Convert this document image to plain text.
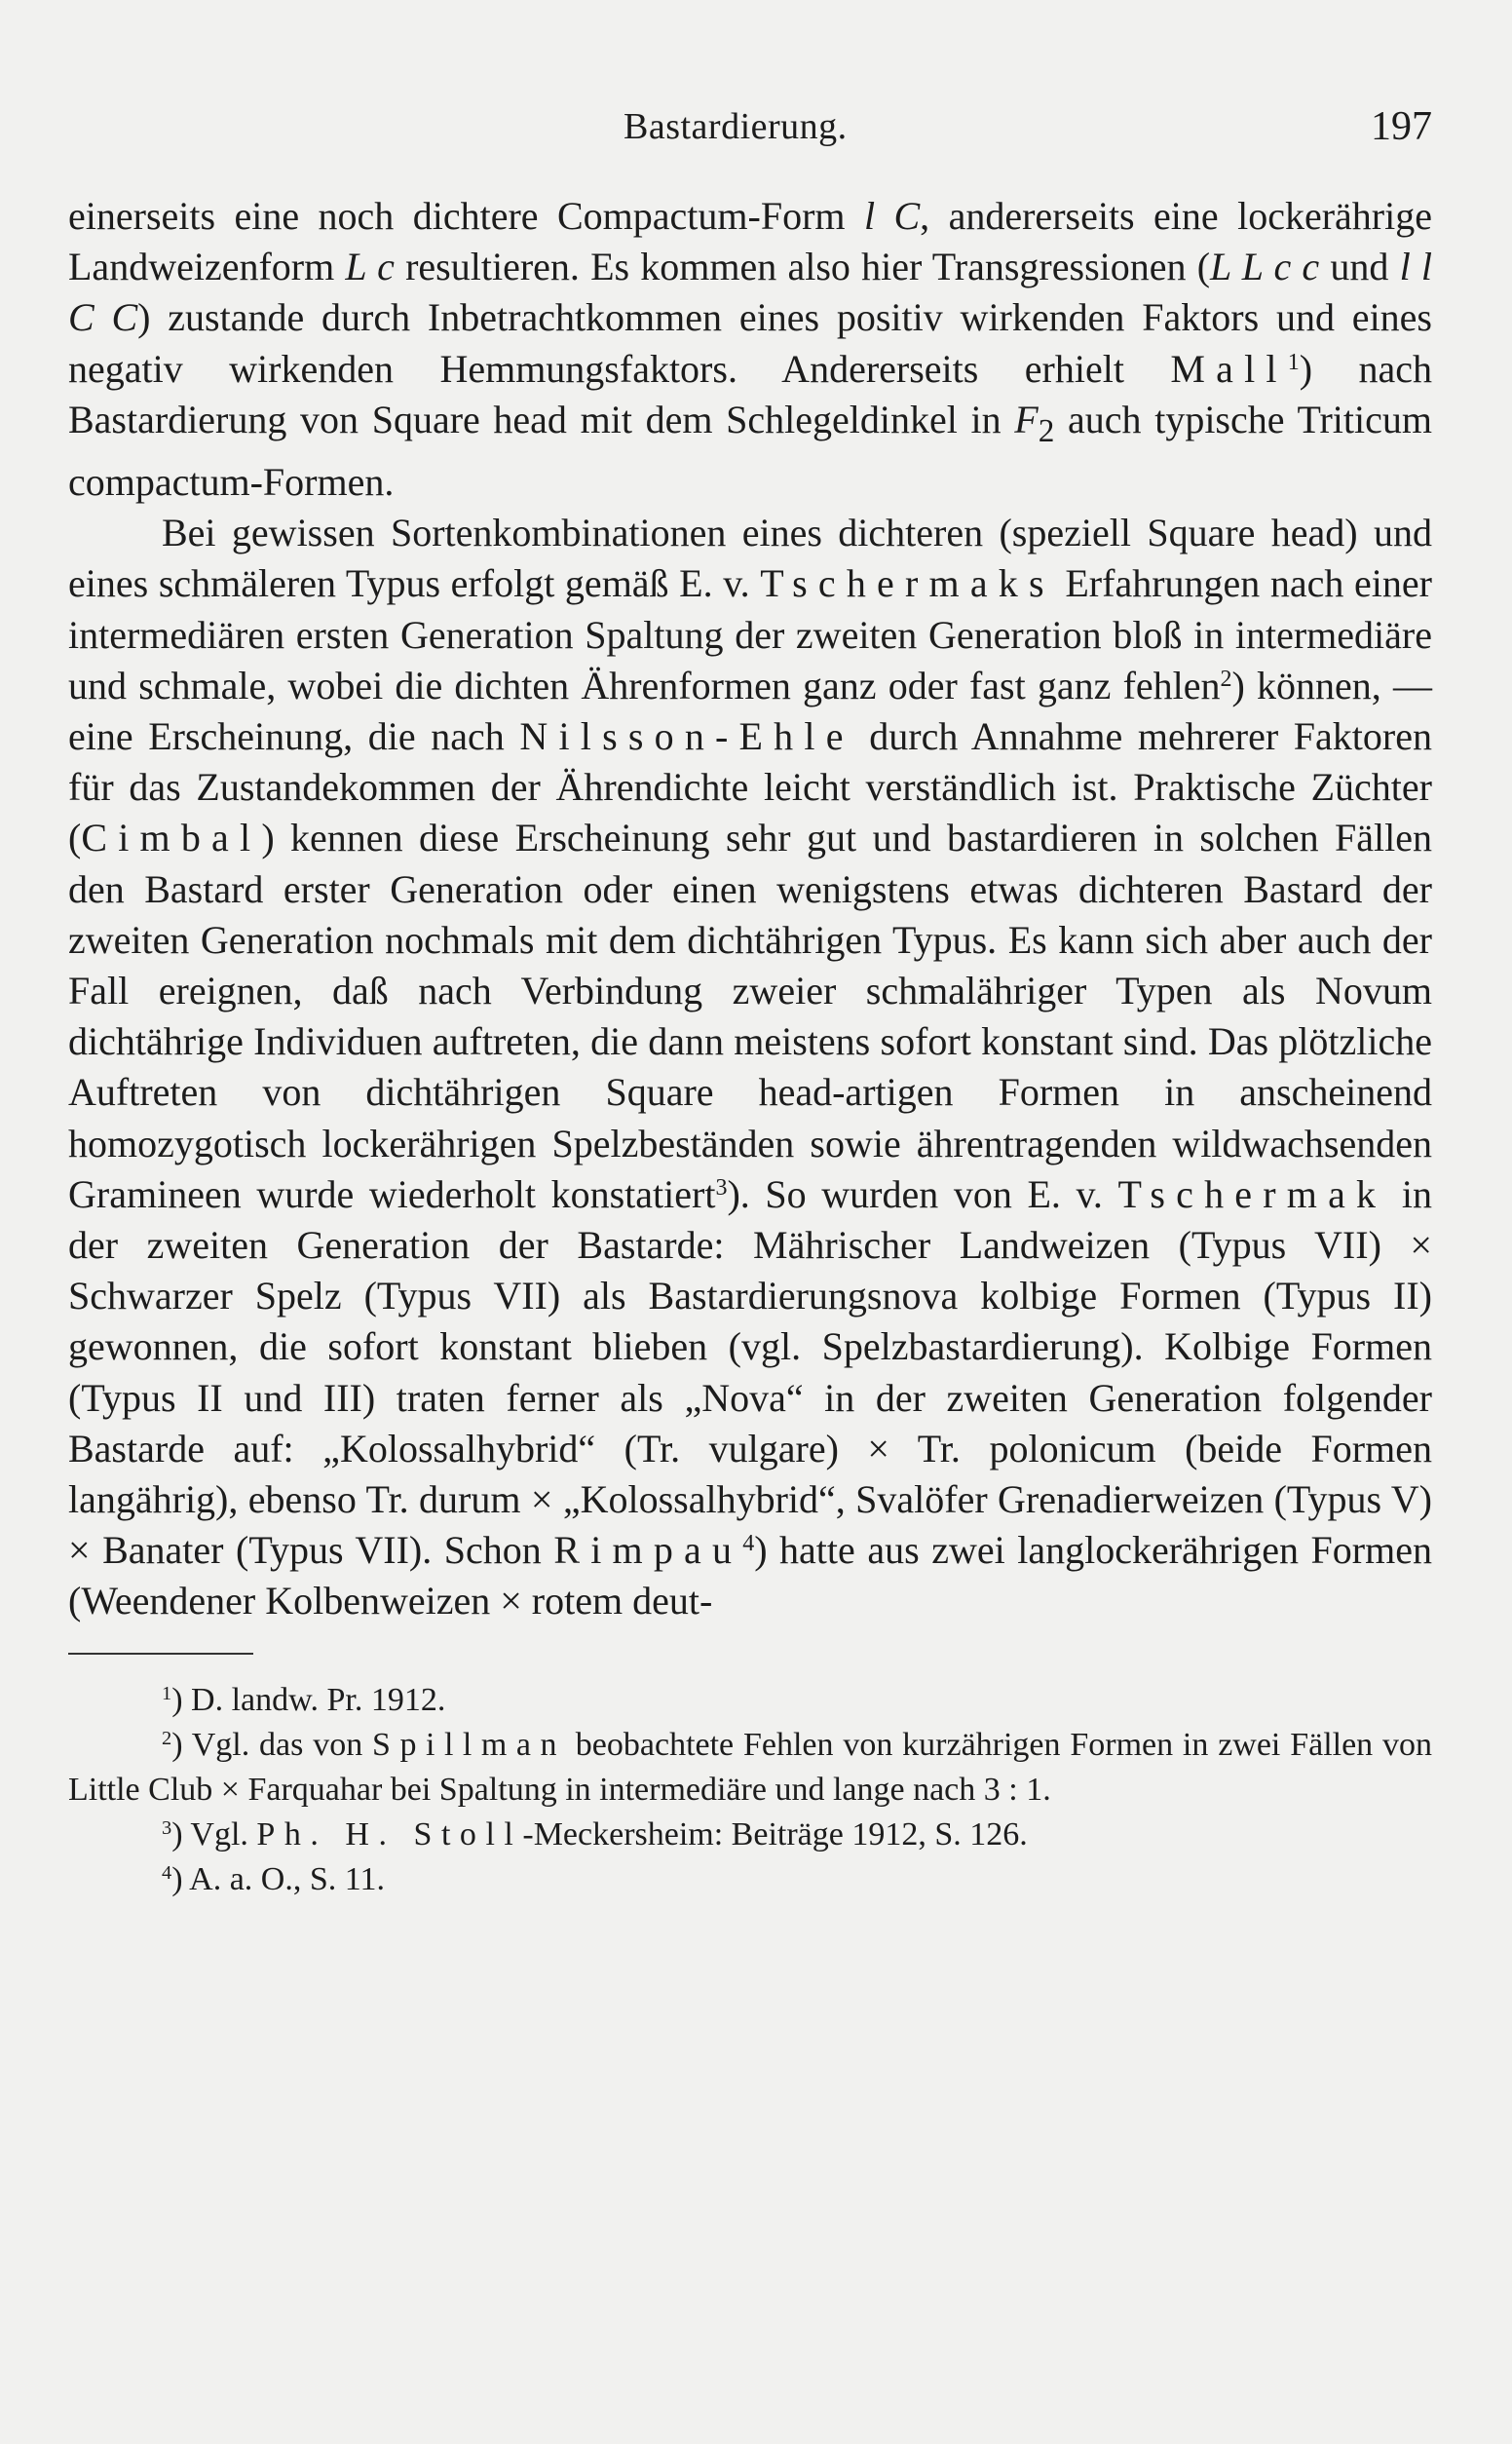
Bastardierung.	197

einerseits eine noch dichtere Compactum-Form l C, andererseits eine lockerährige Landweizenform L c resultieren. Es kommen also hier Transgressionen (L L c c und l l C C) zustande durch Inbetrachtkommen eines positiv wirkenden Faktors und eines negativ wirkenden Hemmungsfaktors. Andererseits erhielt Mall$^1$) nach Bastardierung von Square head mit dem Schlegeldinkel in $F_2$ auch typische Triticum compactum-Formen.

Bei gewissen Sortenkombinationen eines dichteren (speziell Square head) und eines schmäleren Typus erfolgt gemäß E. v. Tschermaks Erfahrungen nach einer intermediären ersten Generation Spaltung der zweiten Generation bloß in intermediäre und schmale, wobei die dichten Ährenformen ganz oder fast ganz fehlen$^2$) können, — eine Erscheinung, die nach Nilsson-Ehle durch Annahme mehrerer Faktoren für das Zustandekommen der Ährendichte leicht verständlich ist. Praktische Züchter (Cimbal) kennen diese Erscheinung sehr gut und bastardieren in solchen Fällen den Bastard erster Generation oder einen wenigstens etwas dichteren Bastard der zweiten Generation nochmals mit dem dichtährigen Typus. Es kann sich aber auch der Fall ereignen, daß nach Verbindung zweier schmalähriger Typen als Novum dichtährige Individuen auftreten, die dann meistens sofort konstant sind. Das plötzliche Auftreten von dichtährigen Square head-artigen Formen in anscheinend homozygotisch lockerährigen Spelzbeständen sowie ährentragenden wildwachsenden Gramineen wurde wiederholt konstatiert$^3$). So wurden von E. v. Tschermak in der zweiten Generation der Bastarde: Mährischer Landweizen (Typus VII) × Schwarzer Spelz (Typus VII) als Bastardierungsnova kolbige Formen (Typus II) gewonnen, die sofort konstant blieben (vgl. Spelzbastardierung). Kolbige Formen (Typus II und III) traten ferner als „Nova“ in der zweiten Generation folgender Bastarde auf: „Kolossalhybrid“ (Tr. vulgare) × Tr. polonicum (beide Formen langährig), ebenso Tr. durum × „Kolossalhybrid“, Svalöfer Grenadierweizen (Typus V) × Banater (Typus VII). Schon Rimpau$^4$) hatte aus zwei langlockerährigen Formen (Weendener Kolbenweizen × rotem deut-

$^1$) D. landw. Pr. 1912.

$^2$) Vgl. das von Spillman beobachtete Fehlen von kurzährigen Formen in zwei Fällen von Little Club × Farquahar bei Spaltung in intermediäre und lange nach 3 : 1.

$^3$) Vgl. Ph. H. Stoll-Meckersheim: Beiträge 1912, S. 126.

$^4$) A. a. O., S. 11.
